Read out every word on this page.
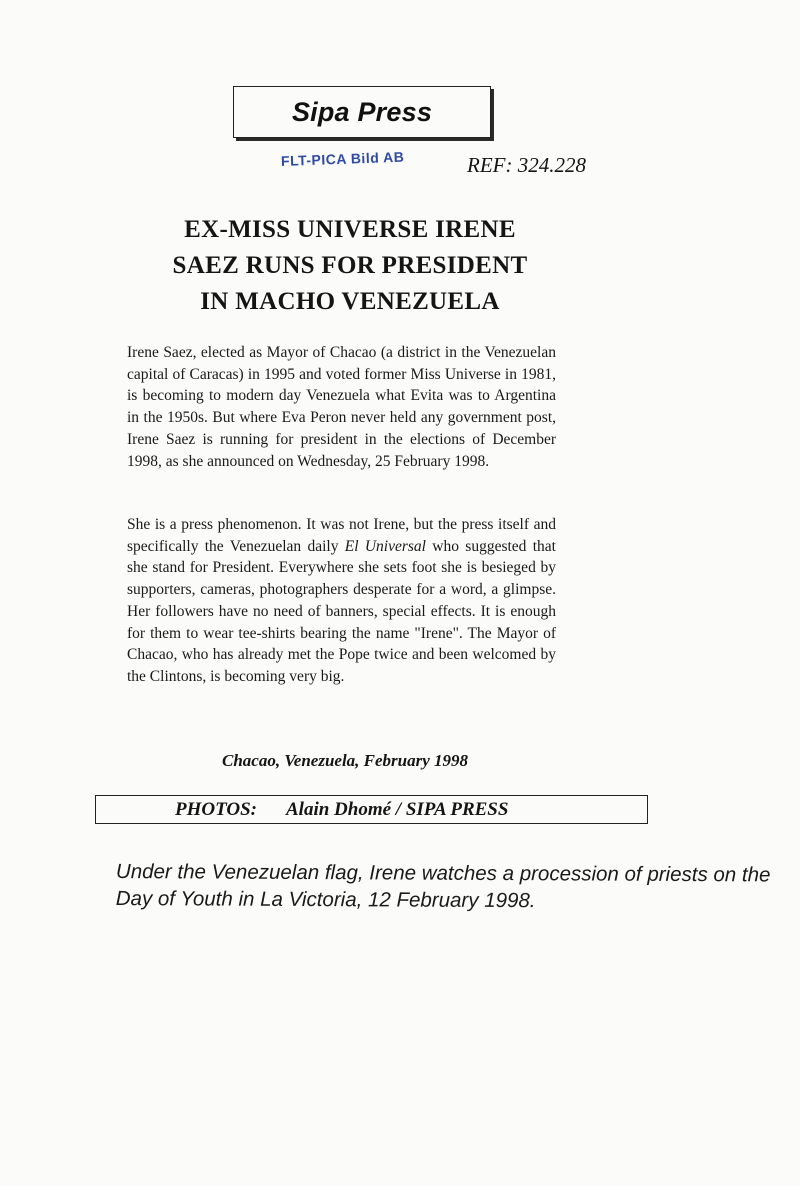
Sipa Press
FLT-PICA Bild AB	REF: 324.228
EX-MISS UNIVERSE IRENE
SAEZ RUNS FOR PRESIDENT
IN MACHO VENEZUELA

Irene Saez, elected as Mayor of Chacao (a district in the Venezuelan capital of Caracas) in 1995 and voted former Miss Universe in 1981, is becoming to modern day Venezuela what Evita was to Argentina in the 1950s. But where Eva Peron never held any government post, Irene Saez is running for president in the elections of December 1998, as she announced on Wednesday, 25 February 1998.

She is a press phenomenon. It was not Irene, but the press itself and specifically the Venezuelan daily El Universal who suggested that she stand for President. Everywhere she sets foot she is besieged by supporters, cameras, photographers desperate for a word, a glimpse. Her followers have no need of banners, special effects. It is enough for them to wear tee-shirts bearing the name "Irene". The Mayor of Chacao, who has already met the Pope twice and been welcomed by the Clintons, is becoming very big.

Chacao, Venezuela, February 1998
PHOTOS: Alain Dhomé / SIPA PRESS

Under the Venezuelan flag, Irene watches a procession of priests on the Day of Youth in La Victoria, 12 February 1998.
